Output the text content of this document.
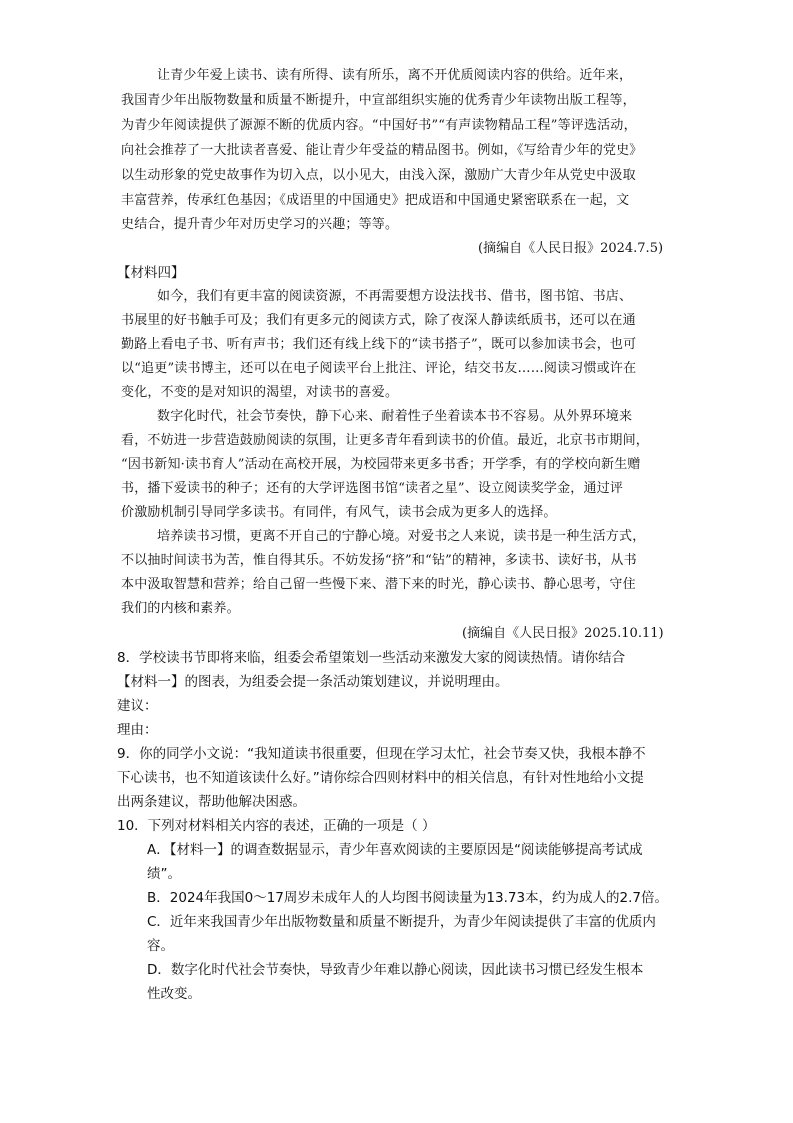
让青少年爱上读书、读有所得、读有所乐，离不开优质阅读内容的供给。近年来，
我国青少年出版物数量和质量不断提升，中宣部组织实施的优秀青少年读物出版工程等，
为青少年阅读提供了源源不断的优质内容。“中国好书”“有声读物精品工程”等评选活动，
向社会推荐了一大批读者喜爱、能让青少年受益的精品图书。例如，《写给青少年的党史》
以生动形象的党史故事作为切入点，以小见大，由浅入深，激励广大青少年从党史中汲取
丰富营养，传承红色基因；《成语里的中国通史》把成语和中国通史紧密联系在一起，文
史结合，提升青少年对历史学习的兴趣；等等。
(摘编自《人民日报》2024.7.5)
【材料四】
如今，我们有更丰富的阅读资源，不再需要想方设法找书、借书，图书馆、书店、
书展里的好书触手可及；我们有更多元的阅读方式，除了夜深人静读纸质书，还可以在通
勤路上看电子书、听有声书；我们还有线上线下的“读书搭子”，既可以参加读书会，也可
以“追更”读书博主，还可以在电子阅读平台上批注、评论，结交书友……阅读习惯或许在
变化，不变的是对知识的渴望，对读书的喜爱。
数字化时代，社会节奏快，静下心来、耐着性子坐着读本书不容易。从外界环境来
看，不妨进一步营造鼓励阅读的氛围，让更多青年看到读书的价值。最近，北京书市期间，
“因书新知·读书育人”活动在高校开展，为校园带来更多书香；开学季，有的学校向新生赠
书，播下爱读书的种子；还有的大学评选图书馆“读者之星”、设立阅读奖学金，通过评
价激励机制引导同学多读书。有同伴，有风气，读书会成为更多人的选择。
培养读书习惯，更离不开自己的宁静心境。对爱书之人来说，读书是一种生活方式，
不以抽时间读书为苦，惟自得其乐。不妨发扬“挤”和“钻”的精神，多读书、读好书，从书
本中汲取智慧和营养；给自己留一些慢下来、潜下来的时光，静心读书、静心思考，守住
我们的内核和素养。
(摘编自《人民日报》2025.10.11)
8．学校读书节即将来临，组委会希望策划一些活动来激发大家的阅读热情。请你结合
【材料一】的图表，为组委会提一条活动策划建议，并说明理由。
建议：
理由：
9．你的同学小文说：“我知道读书很重要，但现在学习太忙，社会节奏又快，我根本静不
下心读书，也不知道该读什么好。”请你综合四则材料中的相关信息，有针对性地给小文提
出两条建议，帮助他解决困惑。
10．下列对材料相关内容的表述，正确的一项是（ ）
A．【材料一】的调查数据显示，青少年喜欢阅读的主要原因是“阅读能够提高考试成
绩”。
B．2024年我国0～17周岁未成年人的人均图书阅读量为13.73本，约为成人的2.7倍。
C．近年来我国青少年出版物数量和质量不断提升，为青少年阅读提供了丰富的优质内
容。
D．数字化时代社会节奏快，导致青少年难以静心阅读，因此读书习惯已经发生根本
性改变。
